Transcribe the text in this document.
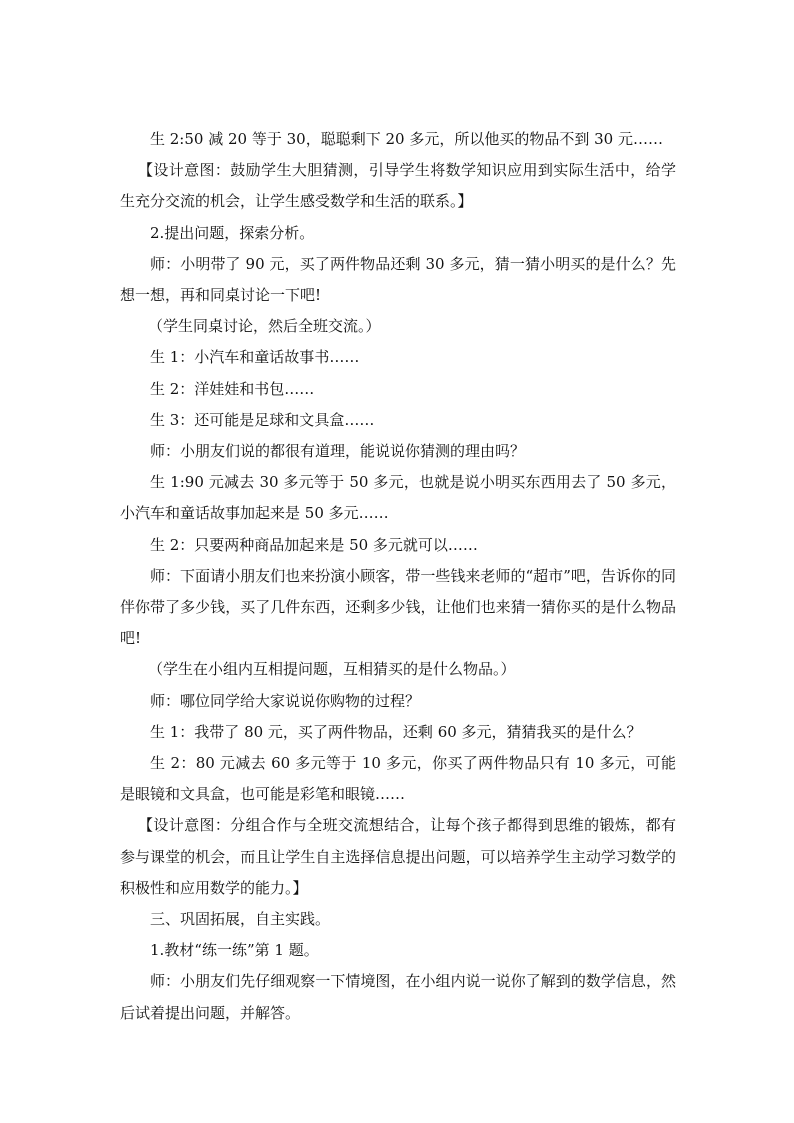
生 2:50 减 20 等于 30，聪聪剩下 20 多元，所以他买的物品不到 30 元……

【设计意图：鼓励学生大胆猜测，引导学生将数学知识应用到实际生活中，给学生充分交流的机会，让学生感受数学和生活的联系。】

2.提出问题，探索分析。

师：小明带了 90 元，买了两件物品还剩 30 多元，猜一猜小明买的是什么？先想一想，再和同桌讨论一下吧!

（学生同桌讨论，然后全班交流。）

生 1：小汽车和童话故事书……

生 2：洋娃娃和书包……

生 3：还可能是足球和文具盒……

师：小朋友们说的都很有道理，能说说你猜测的理由吗？

生 1:90 元减去 30 多元等于 50 多元，也就是说小明买东西用去了 50 多元，小汽车和童话故事加起来是 50 多元……

生 2：只要两种商品加起来是 50 多元就可以……

师：下面请小朋友们也来扮演小顾客，带一些钱来老师的“超市”吧，告诉你的同伴你带了多少钱，买了几件东西，还剩多少钱，让他们也来猜一猜你买的是什么物品吧!

（学生在小组内互相提问题，互相猜买的是什么物品。）

师：哪位同学给大家说说你购物的过程？

生 1：我带了 80 元，买了两件物品，还剩 60 多元，猜猜我买的是什么？

生 2：80 元减去 60 多元等于 10 多元，你买了两件物品只有 10 多元，可能是眼镜和文具盒，也可能是彩笔和眼镜……

【设计意图：分组合作与全班交流想结合，让每个孩子都得到思维的锻炼，都有参与课堂的机会，而且让学生自主选择信息提出问题，可以培养学生主动学习数学的积极性和应用数学的能力。】

三、巩固拓展，自主实践。

1.教材“练一练”第 1 题。

师：小朋友们先仔细观察一下情境图，在小组内说一说你了解到的数学信息，然后试着提出问题，并解答。
